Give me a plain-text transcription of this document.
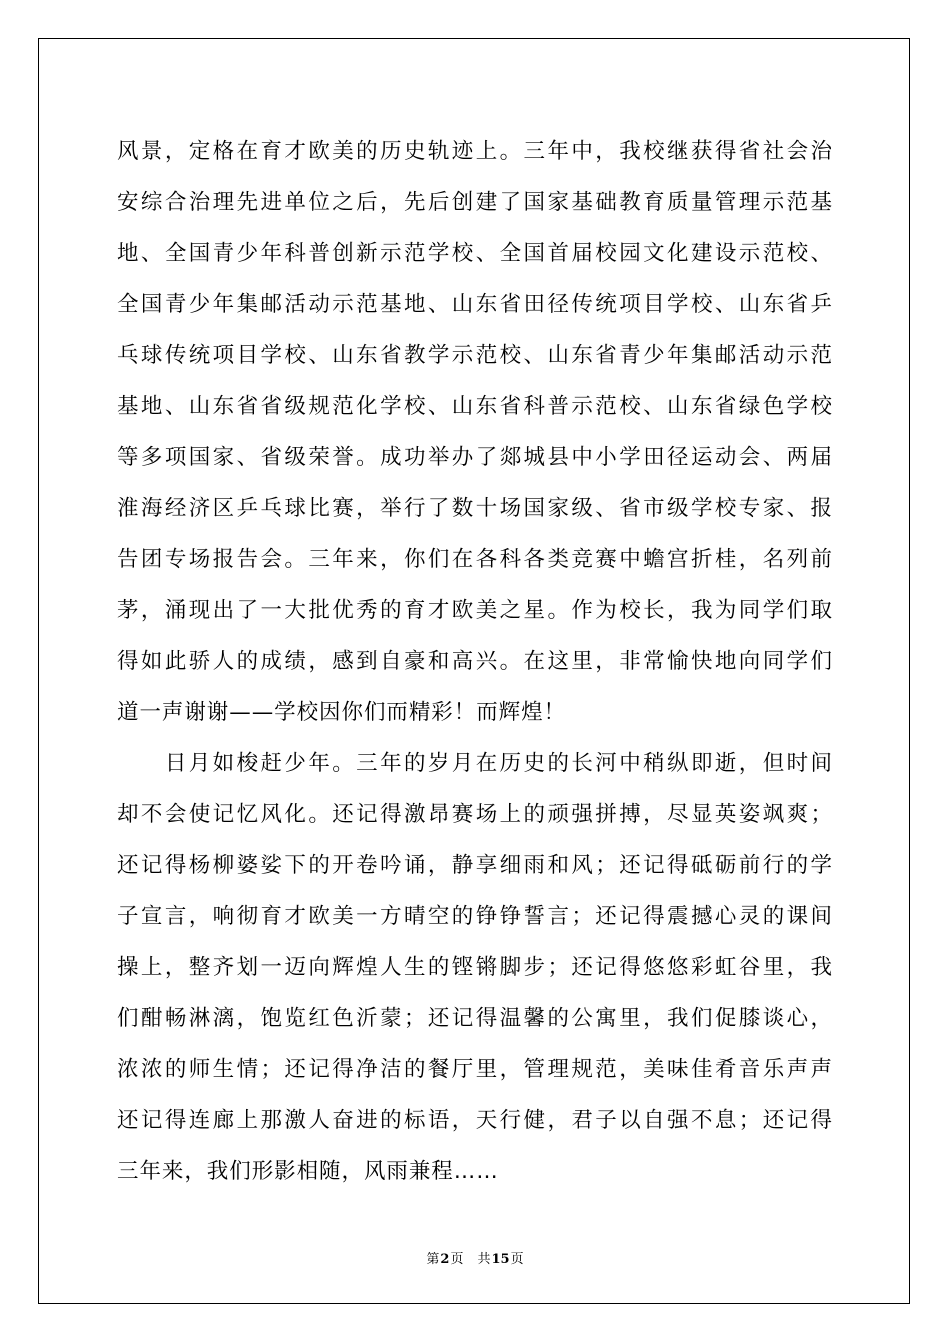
风景，定格在育才欧美的历史轨迹上。三年中，我校继获得省社会治
安综合治理先进单位之后，先后创建了国家基础教育质量管理示范基
地、全国青少年科普创新示范学校、全国首届校园文化建设示范校、
全国青少年集邮活动示范基地、山东省田径传统项目学校、山东省乒
乓球传统项目学校、山东省教学示范校、山东省青少年集邮活动示范
基地、山东省省级规范化学校、山东省科普示范校、山东省绿色学校
等多项国家、省级荣誉。成功举办了郯城县中小学田径运动会、两届
淮海经济区乒乓球比赛，举行了数十场国家级、省市级学校专家、报
告团专场报告会。三年来，你们在各科各类竞赛中蟾宫折桂，名列前
茅，涌现出了一大批优秀的育才欧美之星。作为校长，我为同学们取
得如此骄人的成绩，感到自豪和高兴。在这里，非常愉快地向同学们
道一声谢谢——学校因你们而精彩！而辉煌！
　　日月如梭赶少年。三年的岁月在历史的长河中稍纵即逝，但时间
却不会使记忆风化。还记得激昂赛场上的顽强拼搏，尽显英姿飒爽；
还记得杨柳婆娑下的开卷吟诵，静享细雨和风；还记得砥砺前行的学
子宣言，响彻育才欧美一方晴空的铮铮誓言；还记得震撼心灵的课间
操上，整齐划一迈向辉煌人生的铿锵脚步；还记得悠悠彩虹谷里，我
们酣畅淋漓，饱览红色沂蒙；还记得温馨的公寓里，我们促膝谈心，
浓浓的师生情；还记得净洁的餐厅里，管理规范，美味佳肴音乐声声
还记得连廊上那激人奋进的标语，天行健，君子以自强不息；还记得
三年来，我们形影相随，风雨兼程……
第2页 共15页
